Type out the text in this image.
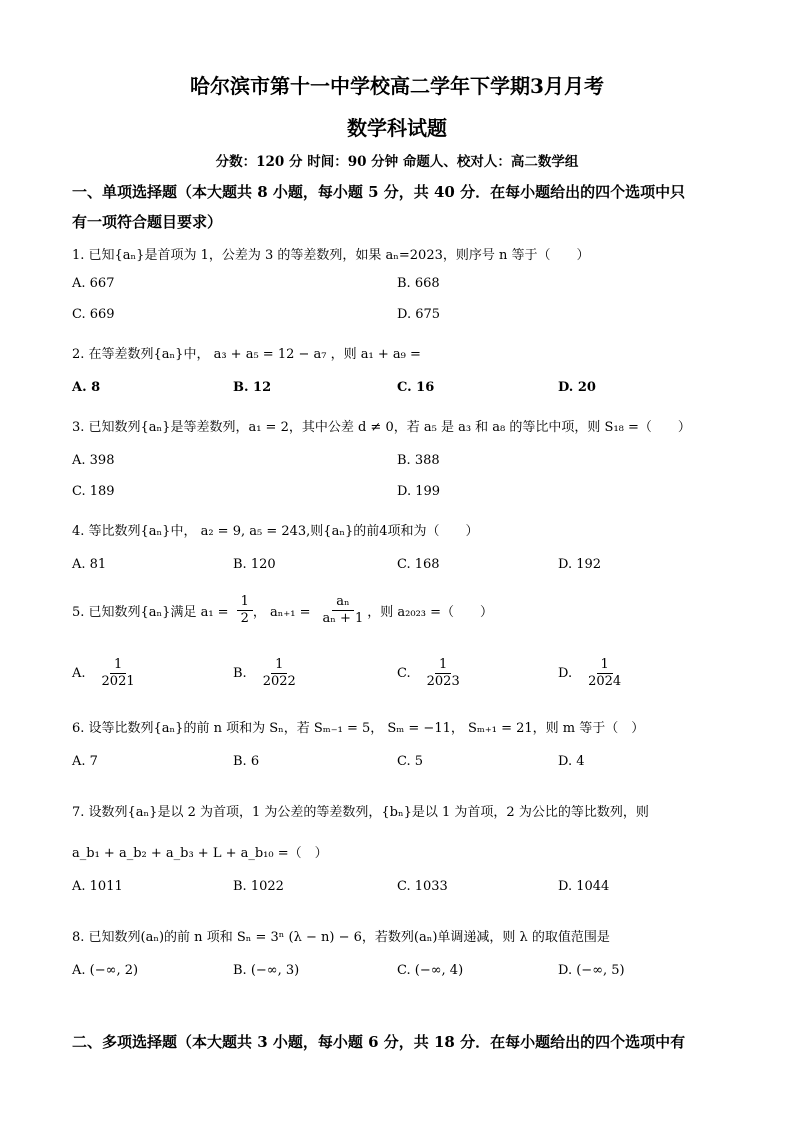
哈尔滨市第十一中学校高二学年下学期3月月考
数学科试题
分数：120 分 时间：90 分钟 命题人、校对人：高二数学组
一、单项选择题（本大题共 8 小题，每小题 5 分，共 40 分．在每小题给出的四个选项中只
有一项符合题目要求）
1. 已知{aₙ}是首项为 1，公差为 3 的等差数列，如果 aₙ=2023，则序号 n 等于（　　）
A. 667	B. 668
C. 669	D. 675
2. 在等差数列{aₙ}中， a₃ + a₅ = 12 − a₇ ，则 a₁ + a₉ =
A. 8	B. 12	C. 16	D. 20
3. 已知数列{aₙ}是等差数列，a₁ = 2，其中公差 d ≠ 0，若 a₅ 是 a₃ 和 a₈ 的等比中项，则 S₁₈ =（　　）
A. 398	B. 388
C. 189	D. 199
4. 等比数列{aₙ}中， a₂ = 9, a₅ = 243,则{aₙ}的前4项和为（　　）
A. 81	B. 120	C. 168	D. 192
5. 已知数列{aₙ}满足 $a_1 = \frac{1}{2}$ ， $a_{n+1} = \frac{\text{aₙ}}{\text{aₙ + 1}}$ ，则 a₂₀₂₃ =（　　）
A. $\frac{1}{2021}$	B. $\frac{1}{2022}$	C. $\frac{1}{2023}$	D. $\frac{1}{2024}$
6. 设等比数列{aₙ}的前 n 项和为 Sₙ，若 Sₘ₋₁ = 5， Sₘ = −11， Sₘ₊₁ = 21，则 m 等于（　）
A. 7	B. 6	C. 5	D. 4
7. 设数列{aₙ}是以 2 为首项，1 为公差的等差数列，{bₙ}是以 1 为首项，2 为公比的等比数列，则
a_b₁ + a_b₂ + a_b₃ + L + a_b₁₀ =（　）
A. 1011	B. 1022	C. 1033	D. 1044
8. 已知数列(aₙ)的前 n 项和 Sₙ = 3ⁿ (λ − n) − 6，若数列(aₙ)单调递减，则 λ 的取值范围是
A. (−∞, 2)	B. (−∞, 3)	C. (−∞, 4)	D. (−∞, 5)
二、多项选择题（本大题共 3 小题，每小题 6 分，共 18 分．在每小题给出的四个选项中有
